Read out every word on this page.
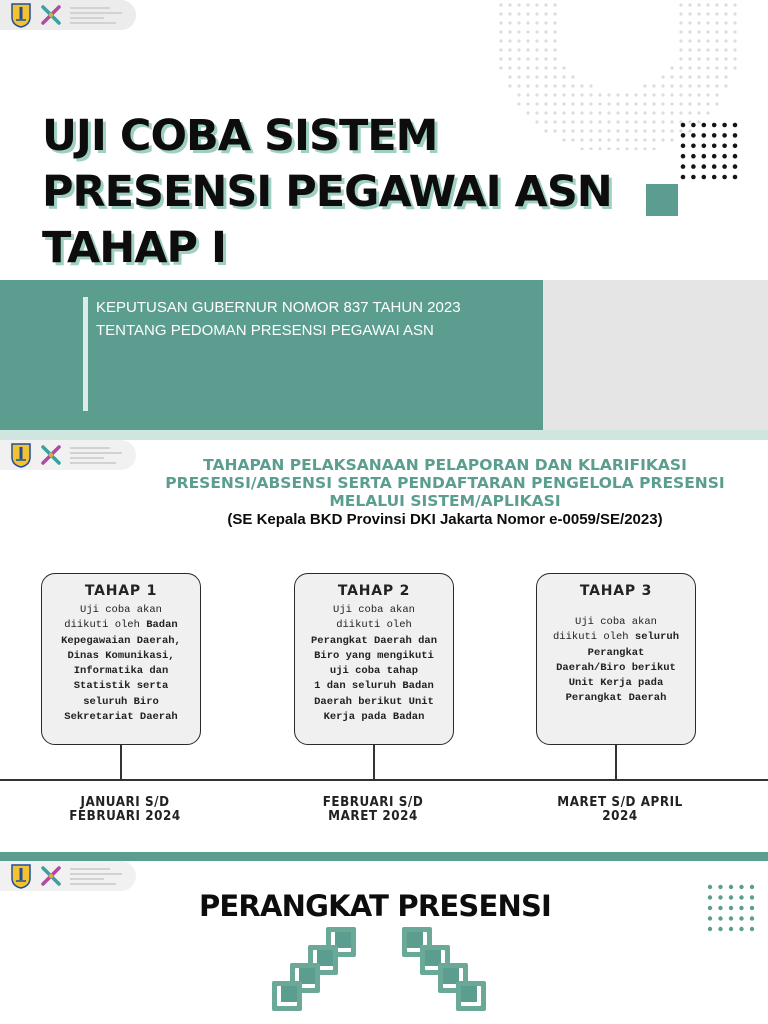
UJI COBA SISTEM
PRESENSI PEGAWAI ASN
TAHAP I
KEPUTUSAN GUBERNUR NOMOR 837 TAHUN 2023
TENTANG PEDOMAN PRESENSI PEGAWAI ASN
TAHAPAN PELAKSANAAN PELAPORAN DAN KLARIFIKASI
PRESENSI/ABSENSI SERTA PENDAFTARAN PENGELOLA PRESENSI
MELALUI SISTEM/APLIKASI
(SE Kepala BKD Provinsi DKI Jakarta Nomor e-0059/SE/2023)
TAHAP 1
Uji coba akan
diikuti oleh Badan
Kepegawaian Daerah,
Dinas Komunikasi,
Informatika dan
Statistik serta
seluruh Biro
Sekretariat Daerah
TAHAP 2
Uji coba akan
diikuti oleh
Perangkat Daerah dan
Biro yang mengikuti
uji coba tahap
1 dan seluruh Badan
Daerah berikut Unit
Kerja pada Badan
TAHAP 3
Uji coba akan
diikuti oleh seluruh
Perangkat
Daerah/Biro berikut
Unit Kerja pada
Perangkat Daerah
JANUARI S/D
FEBRUARI 2024
FEBRUARI S/D
MARET 2024
MARET S/D APRIL
2024
PERANGKAT PRESENSI
